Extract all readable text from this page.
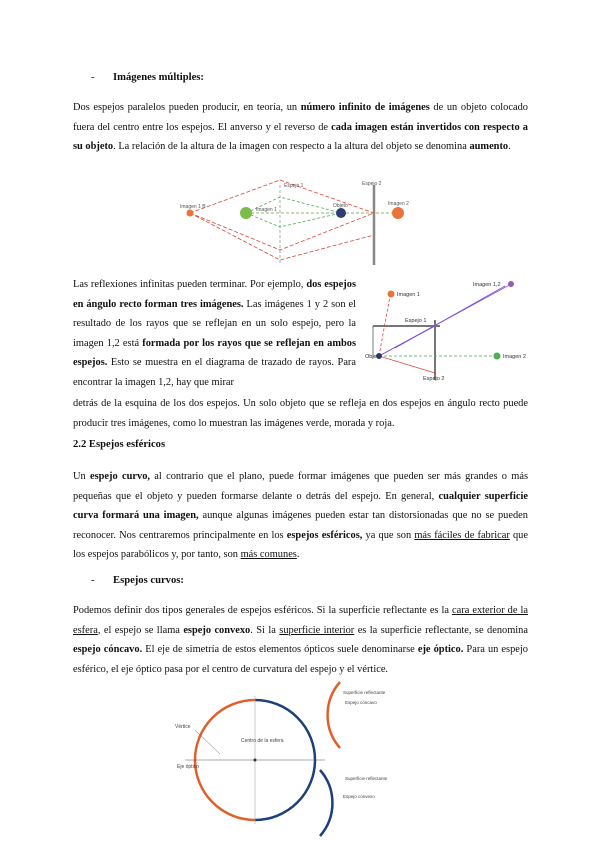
- Imágenes múltiples:

Dos espejos paralelos pueden producir, en teoría, un número infinito de imágenes de un objeto colocado fuera del centro entre los espejos. El anverso y el reverso de cada imagen están invertidos con respecto a su objeto. La relación de la altura de la imagen con respecto a la altura del objeto se denomina aumento.

Espejo 1	Espejo 2
Imagen 1 B	Imagen 1
Objeto	Imagen 2

Las reflexiones infinitas pueden terminar. Por ejemplo, dos espejos en ángulo recto forman tres imágenes. Las imágenes 1 y 2 son el resultado de los rayos que se reflejan en un solo espejo, pero la imagen 1,2 está formada por los rayos que se reflejan en ambos espejos. Esto se muestra en el diagrama de trazado de rayos. Para encontrar la imagen 1,2, hay que mirar

detrás de la esquina de los dos espejos. Un solo objeto que se refleja en dos espejos en ángulo recto puede producir tres imágenes, como lo muestran las imágenes verde, morada y roja.

Imagen 1,2
Imagen 1
Espejo 1
Objeto	Imagen 2
Espejo 2
2.2 Espejos esféricos

Un espejo curvo, al contrario que el plano, puede formar imágenes que pueden ser más grandes o más pequeñas que el objeto y pueden formarse delante o detrás del espejo. En general, cualquier superficie curva formará una imagen, aunque algunas imágenes pueden estar tan distorsionadas que no se pueden reconocer. Nos centraremos principalmente en los espejos esféricos, ya que son más fáciles de fabricar que los espejos parabólicos y, por tanto, son más comunes.

- Espejos curvos:

Podemos definir dos tipos generales de espejos esféricos. Si la superficie reflectante es la cara exterior de la esfera, el espejo se llama espejo convexo. Si la superficie interior es la superficie reflectante, se denomina espejo cóncavo. El eje de simetría de estos elementos ópticos suele denominarse eje óptico. Para un espejo esférico, el eje óptico pasa por el centro de curvatura del espejo y el vértice.

Vértice
Eje óptico
Centro de la esfera
Superficie reflectante
Espejo cóncavo
Superficie reflectante
Espejo convexo
